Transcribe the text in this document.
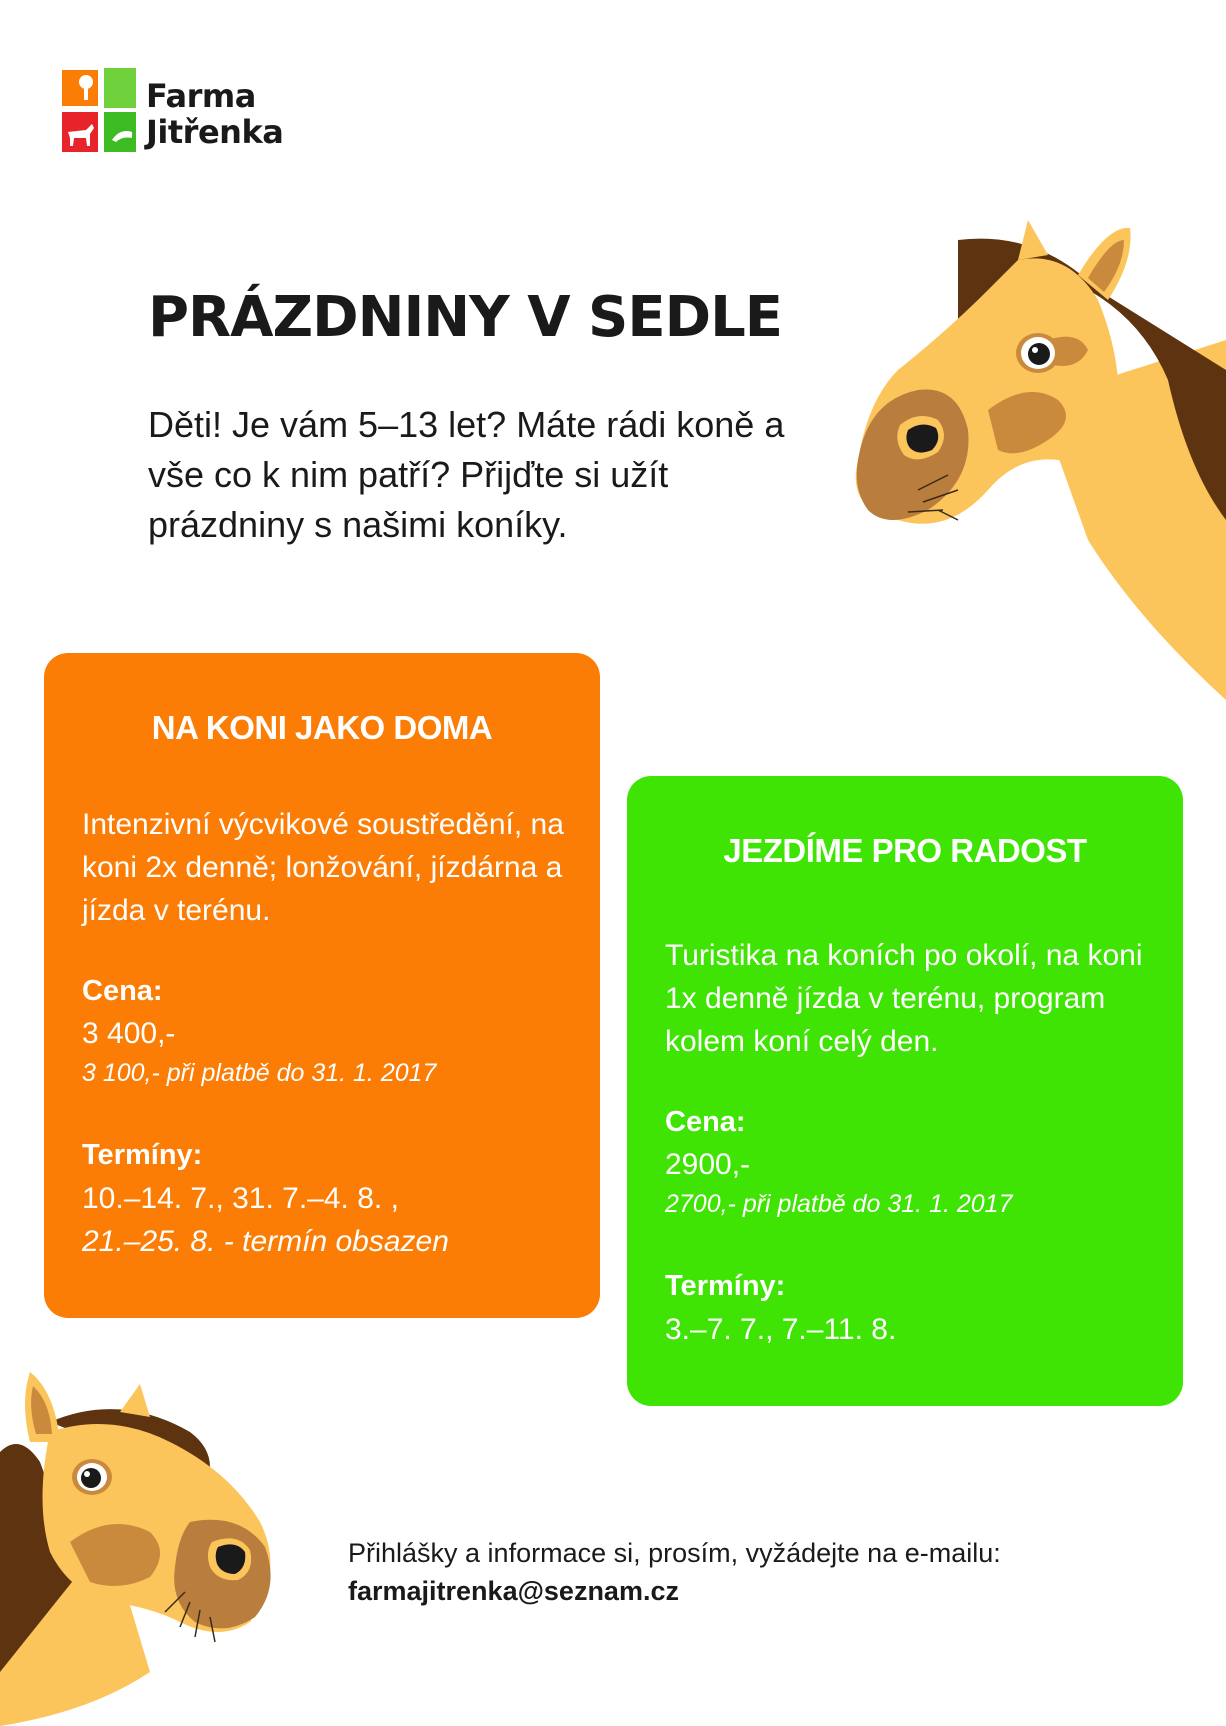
Farma
Jitřenka
PRÁZDNINY V SEDLE

Děti! Je vám 5–13 let? Máte rádi koně a vše co k nim patří? Přijďte si užít prázdniny s našimi koníky.

NA KONI JAKO DOMA

Intenzivní výcvikové soustředění, na koni 2x denně; lonžování, jízdárna a jízda v terénu.

Cena:
3 400,-
3 100,- při platbě do 31. 1. 2017
Termíny:
10.–14. 7., 31. 7.–4. 8. ,
21.–25. 8. - termín obsazen
JEZDÍME PRO RADOST

Turistika na koních po okolí, na koni 1x denně jízda v terénu, program kolem koní celý den.

Cena:
2900,-
2700,- při platbě do 31. 1. 2017
Termíny:
3.–7. 7., 7.–11. 8.
Přihlášky a informace si, prosím, vyžádejte na e-mailu:
farmajitrenka@seznam.cz
